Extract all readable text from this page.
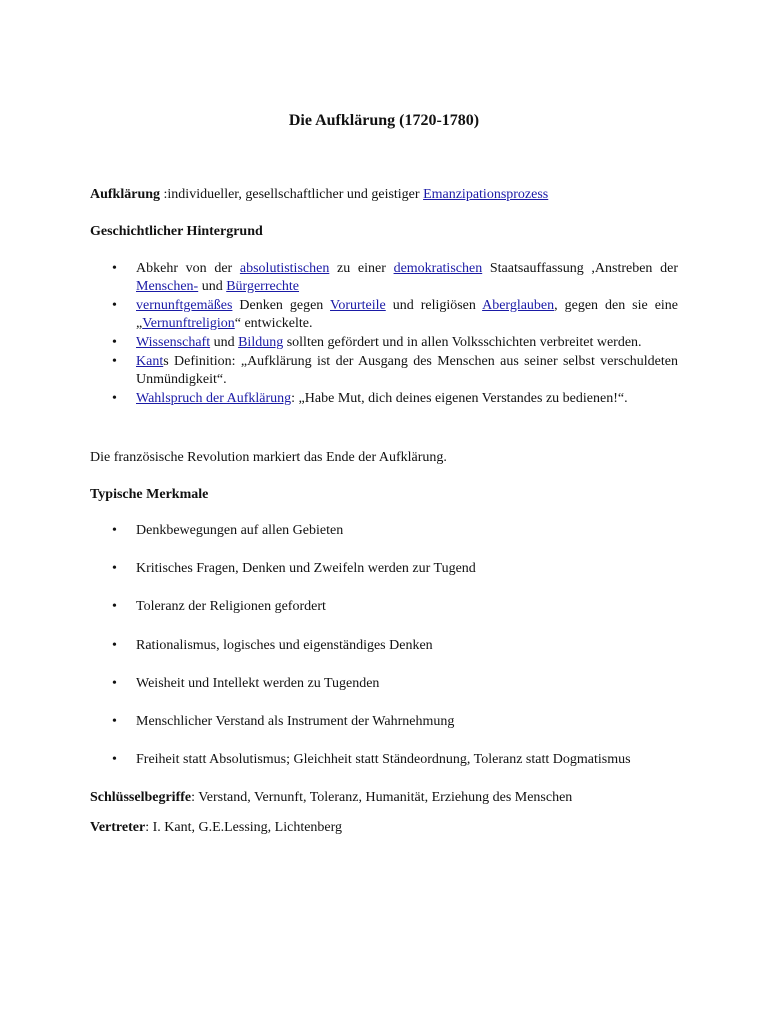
Die Aufklärung (1720-1780)
Aufklärung :individueller, gesellschaftlicher und geistiger Emanzipationsprozess
Geschichtlicher Hintergrund
• Abkehr von der absolutistischen zu einer demokratischen Staatsauffassung ,Anstreben der Menschen- und Bürgerrechte
• vernunftgemäßes Denken gegen Vorurteile und religiösen Aberglauben, gegen den sie eine „Vernunftreligion“ entwickelte.
• Wissenschaft und Bildung sollten gefördert und in allen Volksschichten verbreitet werden.
• Kants Definition: „Aufklärung ist der Ausgang des Menschen aus seiner selbst verschuldeten Unmündigkeit“.
• Wahlspruch der Aufklärung: „Habe Mut, dich deines eigenen Verstandes zu bedienen!“.
Die französische Revolution markiert das Ende der Aufklärung.
Typische Merkmale
• Denkbewegungen auf allen Gebieten
• Kritisches Fragen, Denken und Zweifeln werden zur Tugend
• Toleranz der Religionen gefordert
• Rationalismus, logisches und eigenständiges Denken
• Weisheit und Intellekt werden zu Tugenden
• Menschlicher Verstand als Instrument der Wahrnehmung
• Freiheit statt Absolutismus; Gleichheit statt Ständeordnung, Toleranz statt Dogmatismus
Schlüsselbegriffe: Verstand, Vernunft, Toleranz, Humanität, Erziehung des Menschen
Vertreter: I. Kant, G.E.Lessing, Lichtenberg
